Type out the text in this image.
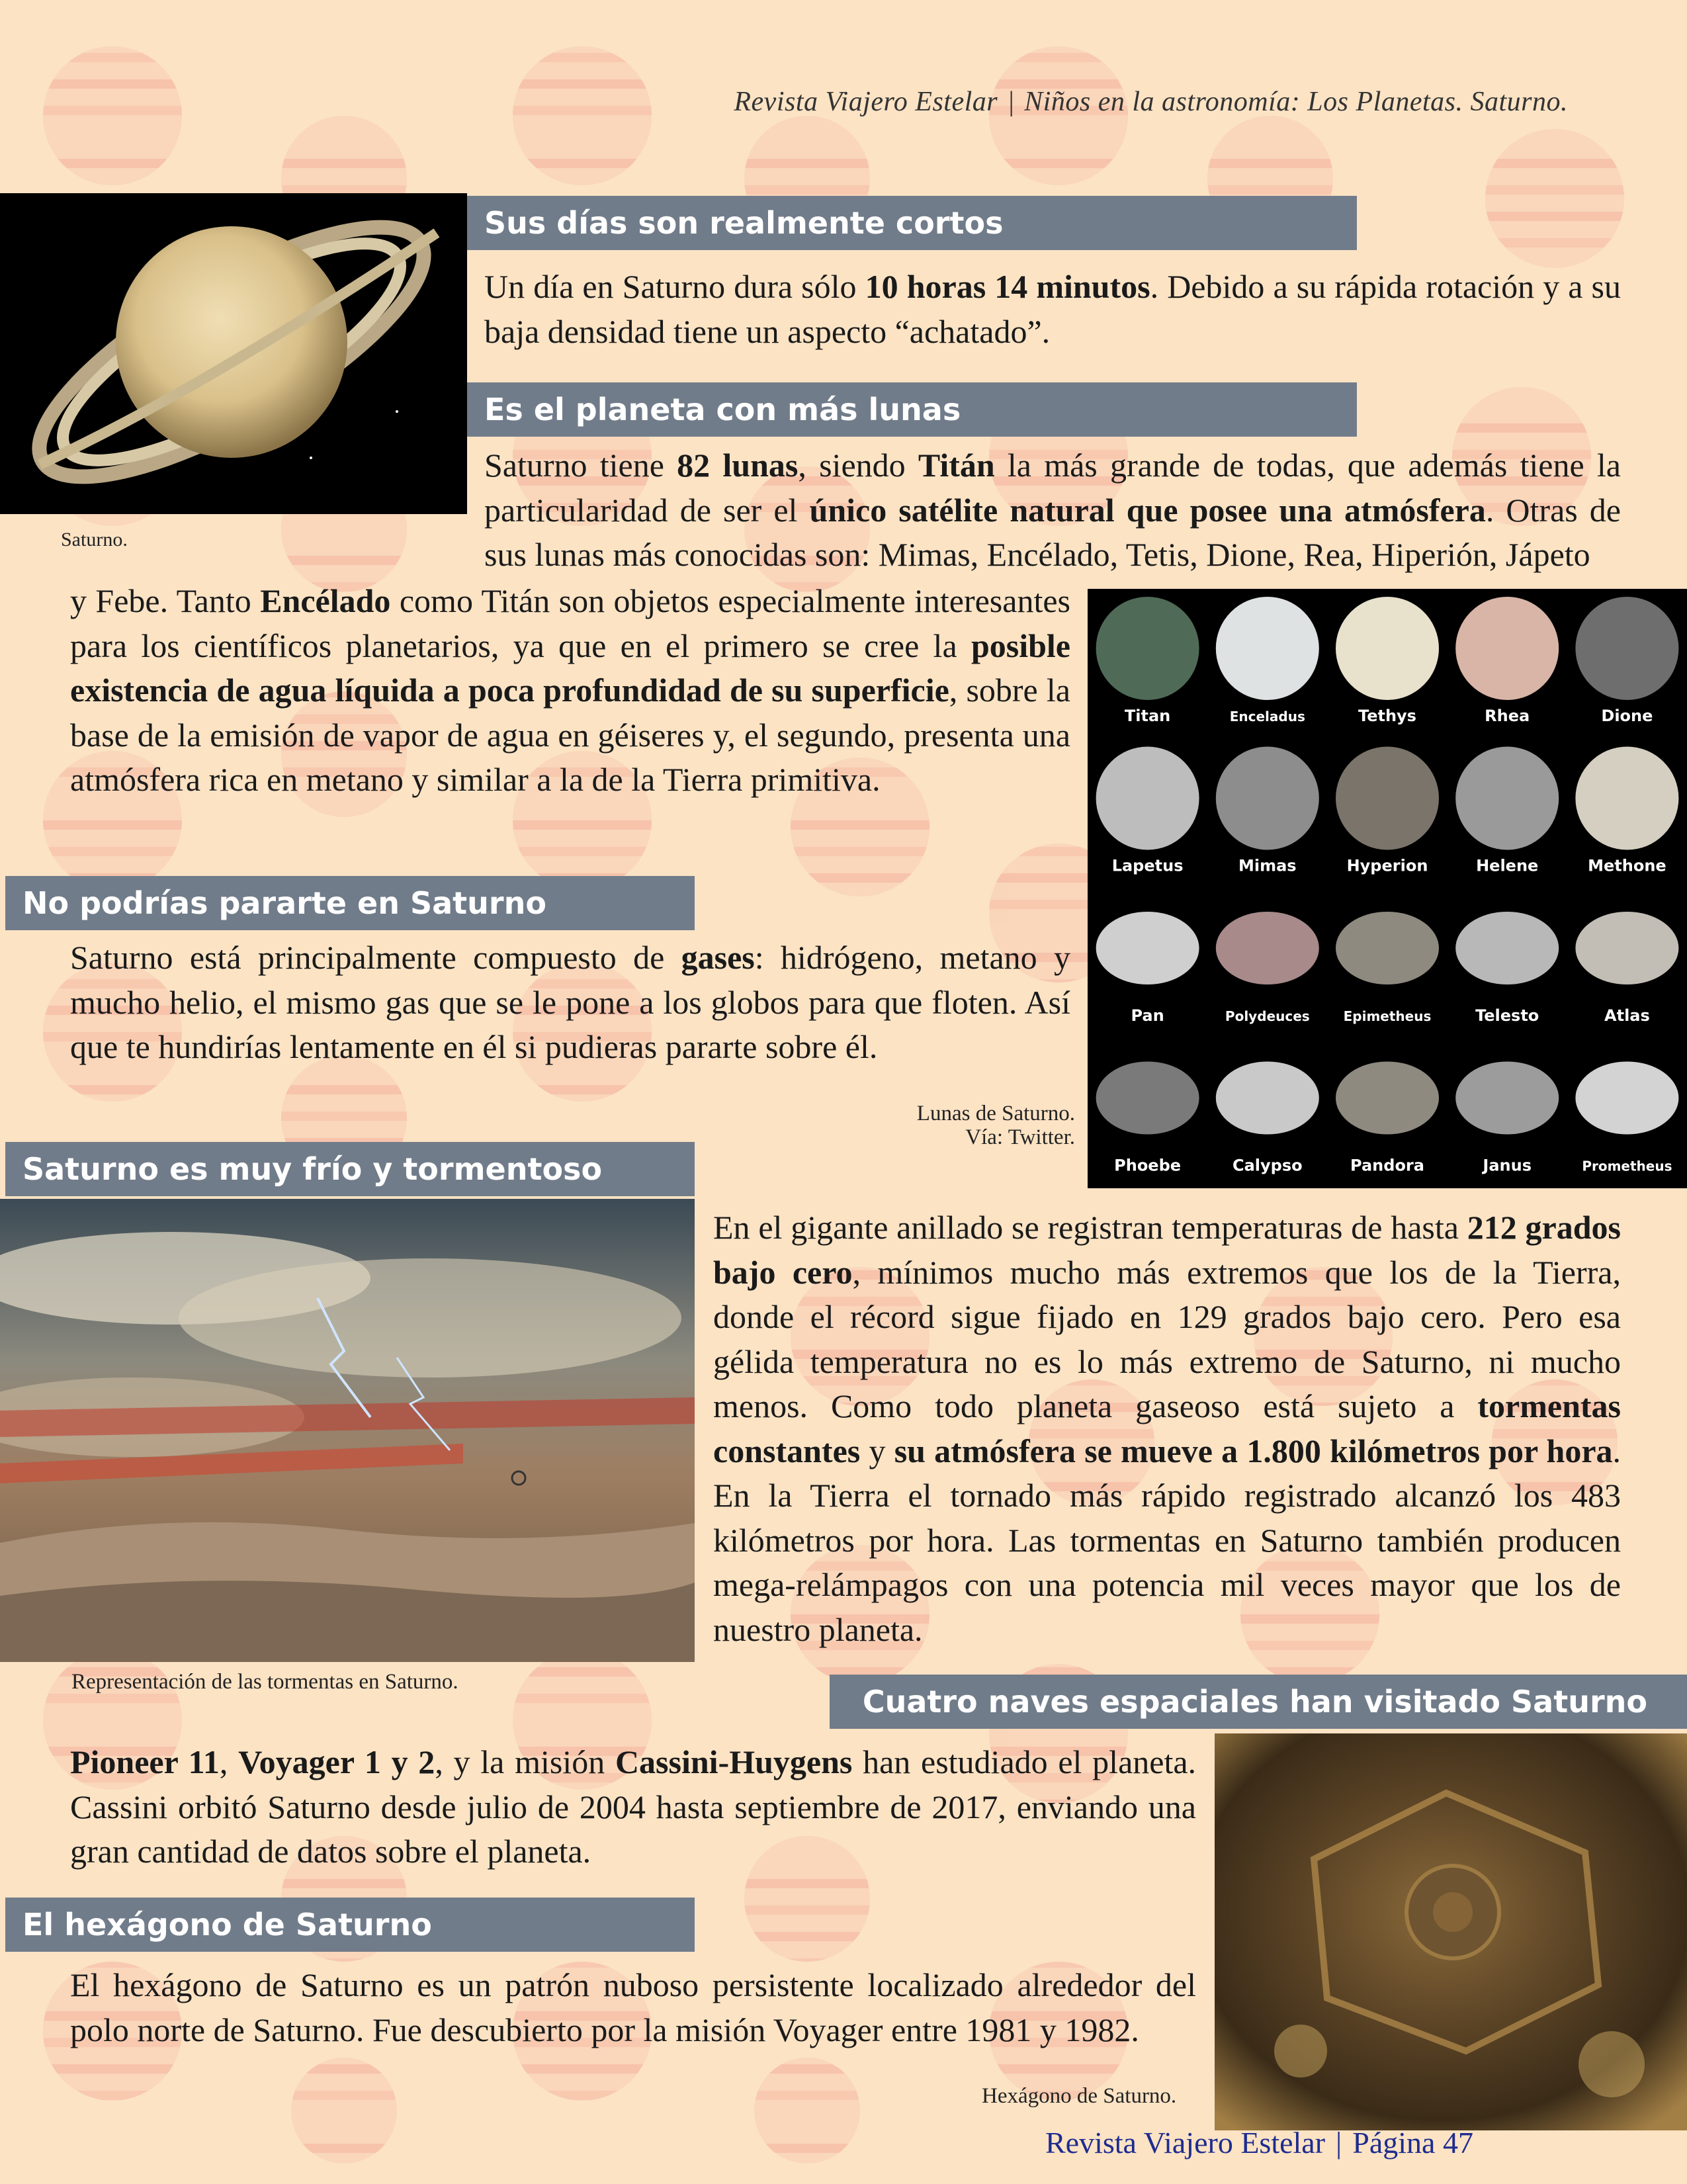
Revista Viajero Estelar | Niños en la astronomía: Los Planetas. Saturno.
Saturno.
Sus días son realmente cortos
Un día en Saturno dura sólo 10 horas 14 minutos. Debido a su rápida rotación y a su baja densidad tiene un aspecto “achatado”.
Es el planeta con más lunas
Saturno tiene 82 lunas, siendo Titán la más grande de todas, que además tiene la particularidad de ser el único satélite natural que posee una atmósfera. Otras de sus lunas más conocidas son: Mimas, Encélado, Tetis, Dione, Rea, Hiperión, Jápeto
y Febe. Tanto Encélado como Titán son objetos especialmente interesantes para los científicos planetarios, ya que en el primero se cree la posible existencia de agua líquida a poca profundidad de su superficie, sobre la base de la emisión de vapor de agua en géiseres y, el segundo, presenta una atmósfera rica en metano y similar a la de la Tierra primitiva.
Titan	Enceladus	Tethys	Rhea	Dione
Lapetus	Mimas	Hyperion	Helene	Methone
Pan	Polydeuces	Epimetheus	Telesto	Atlas
Phoebe	Calypso	Pandora	Janus	Prometheus
Lunas de Saturno.
Vía: Twitter.
No podrías pararte en Saturno
Saturno está principalmente compuesto de gases: hidrógeno, metano y mucho helio, el mismo gas que se le pone a los globos para que floten. Así que te hundirías lentamente en él si pudieras pararte sobre él.
Saturno es muy frío y tormentoso
Representación de las tormentas en Saturno.
En el gigante anillado se registran temperaturas de hasta 212 grados bajo cero, mínimos mucho más extremos que los de la Tierra, donde el récord sigue fijado en 129 grados bajo cero. Pero esa gélida temperatura no es lo más extremo de Saturno, ni mucho menos. Como todo planeta gaseoso está sujeto a tormentas constantes y su atmósfera se mueve a 1.800 kilómetros por hora. En la Tierra el tornado más rápido registrado alcanzó los 483 kilómetros por hora. Las tormentas en Saturno también producen mega-relámpagos con una potencia mil veces mayor que los de nuestro planeta.
Cuatro naves espaciales han visitado Saturno
Pioneer 11, Voyager 1 y 2, y la misión Cassini-Huygens han estudiado el planeta. Cassini orbitó Saturno desde julio de 2004 hasta septiembre de 2017, enviando una gran cantidad de datos sobre el planeta.
Hexágono de Saturno.
El hexágono de Saturno
El hexágono de Saturno es un patrón nuboso persistente localizado alrededor del polo norte de Saturno. Fue descubierto por la misión Voyager entre 1981 y 1982.
Revista Viajero Estelar | Página 47
